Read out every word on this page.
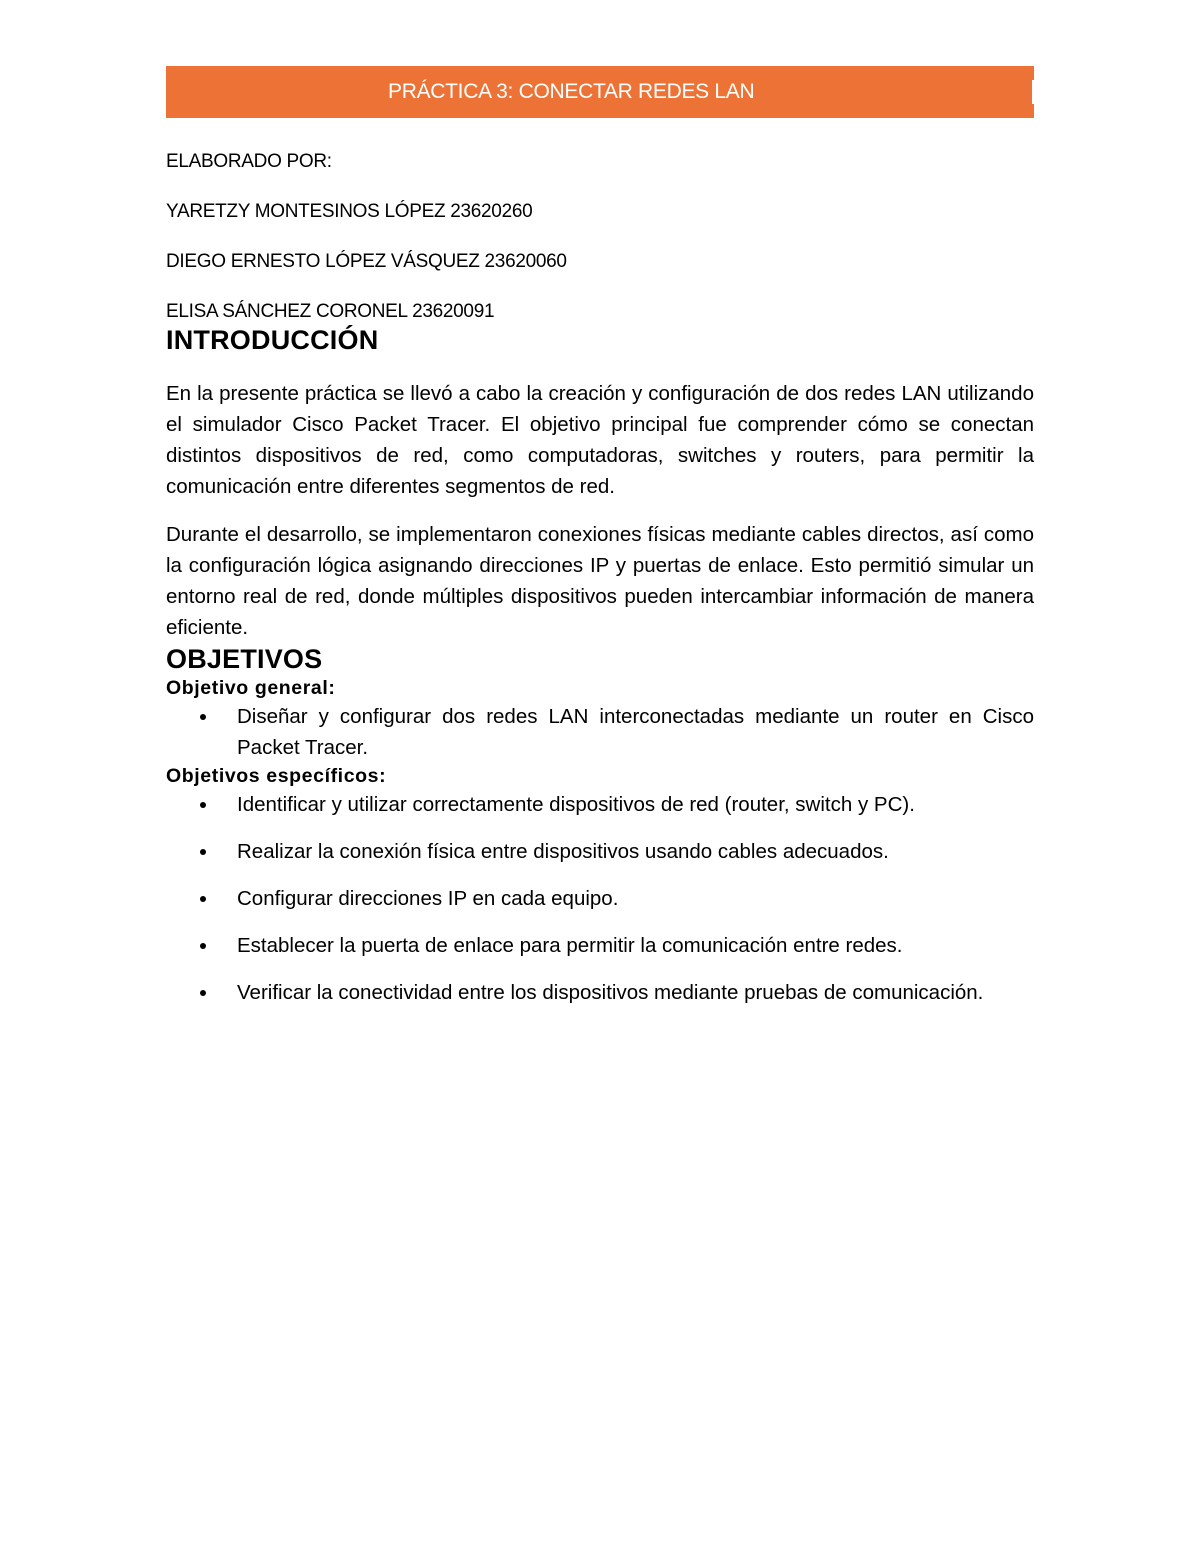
PRÁCTICA 3: CONECTAR REDES LAN

ELABORADO POR:

YARETZY MONTESINOS LÓPEZ 23620260

DIEGO ERNESTO LÓPEZ VÁSQUEZ 23620060

ELISA SÁNCHEZ CORONEL 23620091

INTRODUCCIÓN

En la presente práctica se llevó a cabo la creación y configuración de dos redes LAN utilizando el simulador Cisco Packet Tracer. El objetivo principal fue comprender cómo se conectan distintos dispositivos de red, como computadoras, switches y routers, para permitir la comunicación entre diferentes segmentos de red.

Durante el desarrollo, se implementaron conexiones físicas mediante cables directos, así como la configuración lógica asignando direcciones IP y puertas de enlace. Esto permitió simular un entorno real de red, donde múltiples dispositivos pueden intercambiar información de manera eficiente.

OBJETIVOS
Objetivo general:
Diseñar y configurar dos redes LAN interconectadas mediante un router en Cisco Packet Tracer.
Objetivos específicos:
Identificar y utilizar correctamente dispositivos de red (router, switch y PC).
Realizar la conexión física entre dispositivos usando cables adecuados.
Configurar direcciones IP en cada equipo.
Establecer la puerta de enlace para permitir la comunicación entre redes.
Verificar la conectividad entre los dispositivos mediante pruebas de comunicación.
